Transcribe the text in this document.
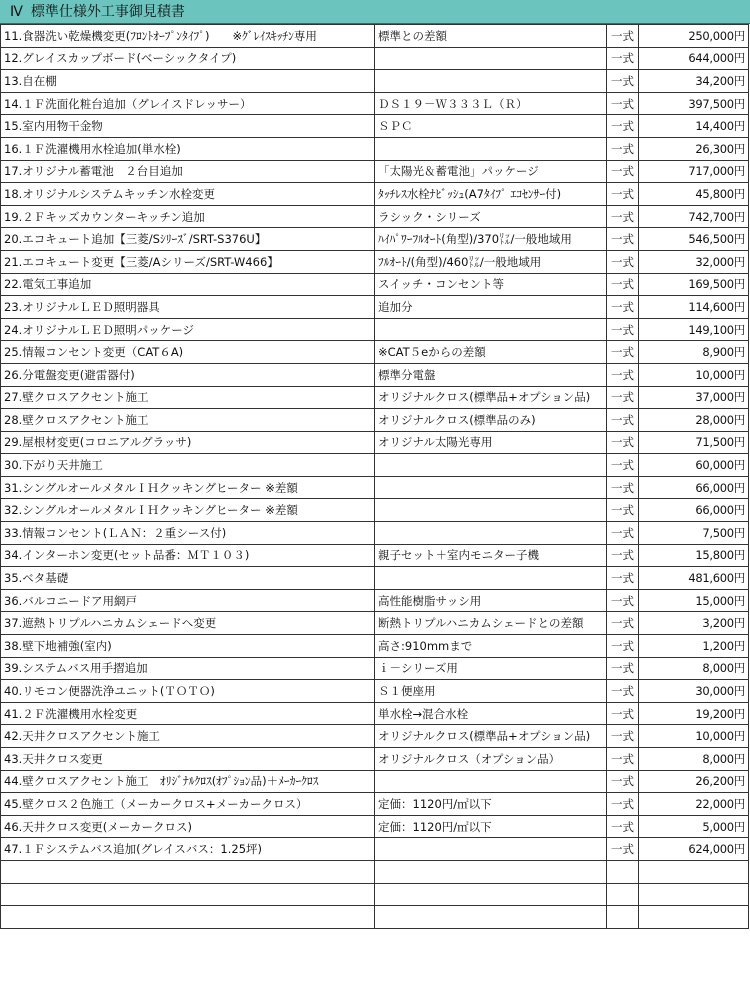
Ⅳ 標準仕様外工事御見積書
11.食器洗い乾燥機変更(ﾌﾛﾝﾄｵｰﾌﾟﾝﾀｲﾌﾟ)　　※ｸﾞﾚｲｽｷｯﾁﾝ専用	標準との差額	一式	250,000円
12.グレイスカップボード(ベーシックタイプ)		一式	644,000円
13.自在棚		一式	34,200円
14.１Ｆ洗面化粧台追加（グレイスドレッサー）	ＤＳ１９－Ｗ３３３Ｌ（Ｒ）	一式	397,500円
15.室内用物干金物	ＳＰＣ	一式	14,400円
16.１Ｆ洗濯機用水栓追加(単水栓)		一式	26,300円
17.オリジナル蓄電池　２台目追加	「太陽光＆蓄電池」パッケージ	一式	717,000円
18.オリジナルシステムキッチン水栓変更	ﾀｯﾁﾚｽ水栓ﾅﾋﾞｯｼｭ(A7ﾀｲﾌﾟ ｴｺｾﾝｻｰ付)	一式	45,800円
19.２Ｆキッズカウンターキッチン追加	ラシック・シリーズ	一式	742,700円
20.エコキュート追加【三菱/Sｼﾘｰｽﾞ/SRT-S376U】	ﾊｲﾊﾟﾜｰﾌﾙｵｰﾄ(角型)/370㍑/一般地域用	一式	546,500円
21.エコキュート変更【三菱/Aシリーズ/SRT-W466】	ﾌﾙｵｰﾄ/(角型)/460㍑/一般地域用	一式	32,000円
22.電気工事追加	スイッチ・コンセント等	一式	169,500円
23.オリジナルＬＥＤ照明器具	追加分	一式	114,600円
24.オリジナルＬＥＤ照明パッケージ		一式	149,100円
25.情報コンセント変更（CAT６A)	※CAT５eからの差額	一式	8,900円
26.分電盤変更(避雷器付)	標準分電盤	一式	10,000円
27.壁クロスアクセント施工	オリジナルクロス(標準品+オプション品)	一式	37,000円
28.壁クロスアクセント施工	オリジナルクロス(標準品のみ)	一式	28,000円
29.屋根材変更(コロニアルグラッサ)	オリジナル太陽光専用	一式	71,500円
30.下がり天井施工		一式	60,000円
31.シングルオールメタルＩＨクッキングヒーター ※差額		一式	66,000円
32.シングルオールメタルＩＨクッキングヒーター ※差額		一式	66,000円
33.情報コンセント(ＬＡＮ：２重シース付)		一式	7,500円
34.インターホン変更(セット品番：ＭＴ１０３)	親子セット＋室内モニター子機	一式	15,800円
35.ベタ基礎		一式	481,600円
36.バルコニードア用網戸	高性能樹脂サッシ用	一式	15,000円
37.遮熱トリプルハニカムシェードへ変更	断熱トリプルハニカムシェードとの差額	一式	3,200円
38.壁下地補強(室内)	高さ:910mmまで	一式	1,200円
39.システムバス用手摺追加	ｉ－シリーズ用	一式	8,000円
40.リモコン便器洗浄ユニット(ＴＯＴＯ)	Ｓ１便座用	一式	30,000円
41.２Ｆ洗濯機用水栓変更	単水栓→混合水栓	一式	19,200円
42.天井クロスアクセント施工	オリジナルクロス(標準品+オプション品)	一式	10,000円
43.天井クロス変更	オリジナルクロス（オプション品）	一式	8,000円
44.壁クロスアクセント施工　ｵﾘｼﾞﾅﾙｸﾛｽ(ｵﾌﾟｼｮﾝ品)＋ﾒｰｶｰｸﾛｽ		一式	26,200円
45.壁クロス２色施工（メーカークロス+メーカークロス）	定価：1120円/㎡以下	一式	22,000円
46.天井クロス変更(メーカークロス)	定価：1120円/㎡以下	一式	5,000円
47.１Ｆシステムバス追加(グレイスバス：1.25坪)		一式	624,000円
